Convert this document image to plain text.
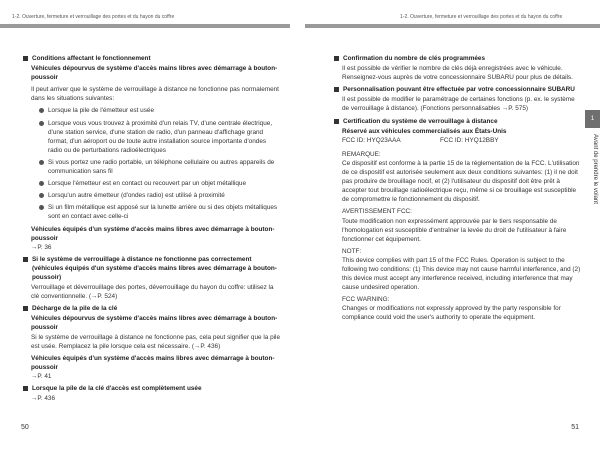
1-2. Ouverture, fermeture et verrouillage des portes et du hayon du coffre
Conditions affectant le fonctionnement

Véhicules dépourvus de système d'accès mains libres avec démarrage à bouton-poussoir

Il peut arriver que le système de verrouillage à distance ne fonctionne pas normalement dans les situations suivantes:

Lorsque la pile de l'émetteur est usée
Lorsque vous vous trouvez à proximité d'un relais TV, d'une centrale électrique, d'une station service, d'une station de radio, d'un panneau d'affichage grand format, d'un aéroport ou de toute autre installation source importante d'ondes radio ou de perturbations radioélectriques
Si vous portez une radio portable, un téléphone cellulaire ou autres appareils de communication sans fil
Lorsque l'émetteur est en contact ou recouvert par un objet métallique
Lorsqu'un autre émetteur (d'ondes radio) est utilisé à proximité
Si un film métallique est apposé sur la lunette arrière ou si des objets métalliques sont en contact avec celle-ci

Véhicules équipés d'un système d'accès mains libres avec démarrage à bouton-poussoir

→P. 36

Si le système de verrouillage à distance ne fonctionne pas correctement (véhicules équipés d'un système d'accès mains libres avec démarrage à bouton-poussoir)

Verrouillage et déverrouillage des portes, déverrouillage du hayon du coffre: utilisez la clé conventionnelle. (→P. 524)

Décharge de la pile de la clé

Véhicules dépourvus de système d'accès mains libres avec démarrage à bouton-poussoir

Si le système de verrouillage à distance ne fonctionne pas, cela peut signifier que la pile est usée. Remplacez la pile lorsque cela est nécessaire. (→P. 436)

Véhicules équipés d'un système d'accès mains libres avec démarrage à bouton-poussoir

→P. 41

Lorsque la pile de la clé d'accès est complètement usée

→P. 436

50
1-2. Ouverture, fermeture et verrouillage des portes et du hayon du coffre
Confirmation du nombre de clés programmées

Il est possible de vérifier le nombre de clés déjà enregistrées avec le véhicule. Renseignez-vous auprès de votre concessionnaire SUBARU pour plus de détails.

Personnalisation pouvant être effectuée par votre concessionnaire SUBARU

Il est possible de modifier le paramétrage de certaines fonctions (p. ex. le système de verrouillage à distance). (Fonctions personnalisables →P. 575)

Certification du système de verrouillage à distance

Réservé aux véhicules commercialisés aux États-Unis

FCC ID: HYQ23AAA	FCC ID: HYQ12BBY

REMARQUE:

Ce dispositif est conforme à la partie 15 de la réglementation de la FCC. L'utilisation de ce dispositif est autorisée seulement aux deux conditions suivantes: (1) il ne doit pas produire de brouillage nocif, et (2) l'utilisateur du dispositif doit être prêt à accepter tout brouillage radioélectrique reçu, même si ce brouillage est susceptible de compromettre le fonctionnement du dispositif.

AVERTISSEMENT FCC:

Toute modification non expressément approuvée par le tiers responsable de l'homologation est susceptible d'entraîner la levée du droit de l'utilisateur à faire fonctionner cet équipement.

NOTF:

This device complies with part 15 of the FCC Rules. Operation is subject to the following two conditions: (1) This device may not cause harmful interference, and (2) this device must accept any interference received, including interference that may cause undesired operation.

FCC WARNING:

Changes or modifications not expressly approved by the party responsible for compliance could void the user's authority to operate the equipment.

51
1
Avant de prendre le volant
